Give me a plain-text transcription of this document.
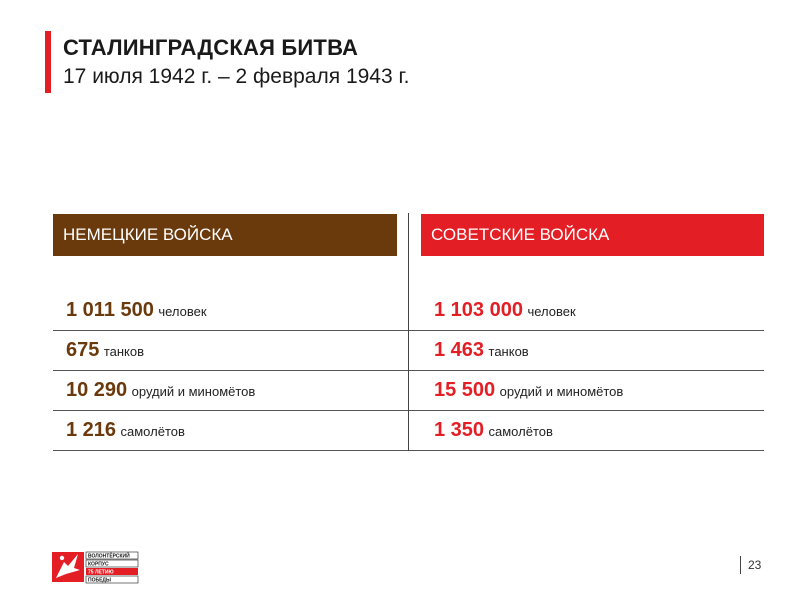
СТАЛИНГРАДСКАЯ БИТВА
17 июля 1942 г. – 2 февраля 1943 г.
НЕМЕЦКИЕ ВОЙСКА	СОВЕТСКИЕ ВОЙСКА
1 011 500 человек
675 танков
10 290 орудий и миномётов
1 216 самолётов
1 103 000 человек
1 463 танков
15 500 орудий и миномётов
1 350 самолётов
ВОЛОНТЁРСКИЙ
КОРПУС
75 ЛЕТИЮ
ПОБЕДЫ
23
